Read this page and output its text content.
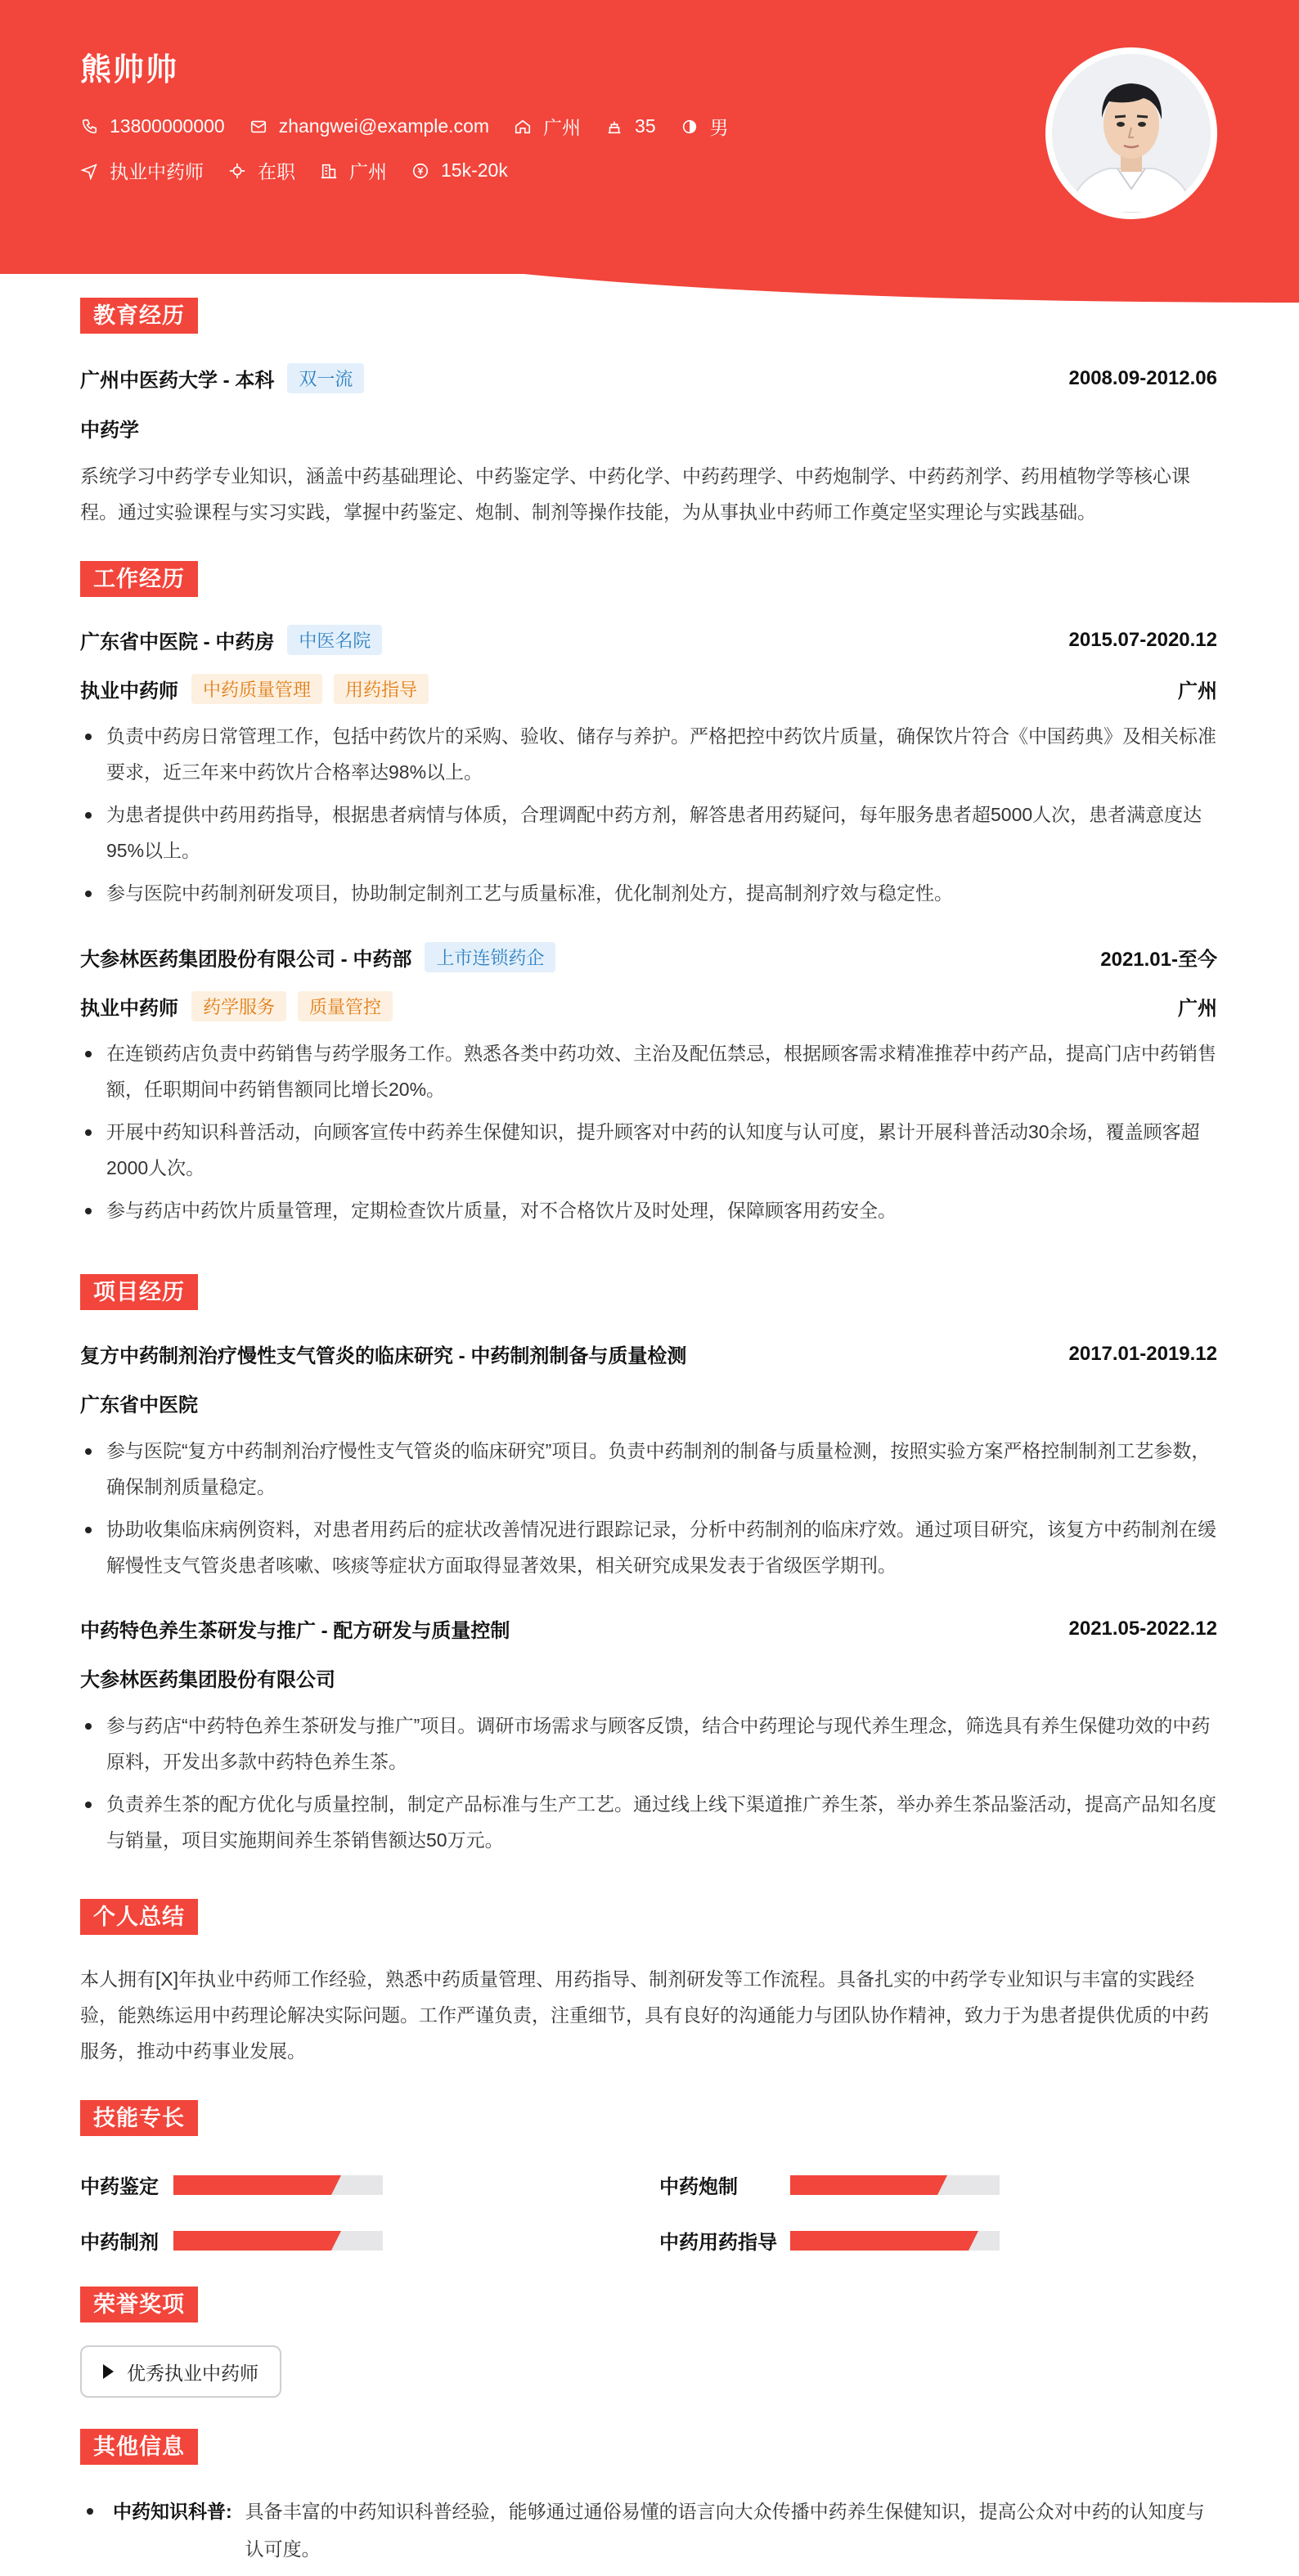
熊帅帅
13800000000	zhangwei@example.com	广州	35	男
执业中药师	在职	广州	15k-20k
教育经历
广州中医药大学 - 本科	双一流	2008.09-2012.06
中药学
系统学习中药学专业知识，涵盖中药基础理论、中药鉴定学、中药化学、中药药理学、中药炮制学、中药药剂学、药用植物学等核心课程。通过实验课程与实习实践，掌握中药鉴定、炮制、制剂等操作技能，为从事执业中药师工作奠定坚实理论与实践基础。
工作经历
广东省中医院 - 中药房	中医名院	2015.07-2020.12
执业中药师	中药质量管理	用药指导	广州
负责中药房日常管理工作，包括中药饮片的采购、验收、储存与养护。严格把控中药饮片质量，确保饮片符合《中国药典》及相关标准要求，近三年来中药饮片合格率达98%以上。
为患者提供中药用药指导，根据患者病情与体质，合理调配中药方剂，解答患者用药疑问，每年服务患者超5000人次，患者满意度达95%以上。
参与医院中药制剂研发项目，协助制定制剂工艺与质量标准，优化制剂处方，提高制剂疗效与稳定性。
大参林医药集团股份有限公司 - 中药部	上市连锁药企	2021.01-至今
执业中药师	药学服务	质量管控	广州
在连锁药店负责中药销售与药学服务工作。熟悉各类中药功效、主治及配伍禁忌，根据顾客需求精准推荐中药产品，提高门店中药销售额，任职期间中药销售额同比增长20%。
开展中药知识科普活动，向顾客宣传中药养生保健知识，提升顾客对中药的认知度与认可度，累计开展科普活动30余场，覆盖顾客超2000人次。
参与药店中药饮片质量管理，定期检查饮片质量，对不合格饮片及时处理，保障顾客用药安全。
项目经历
复方中药制剂治疗慢性支气管炎的临床研究 - 中药制剂制备与质量检测	2017.01-2019.12
广东省中医院
参与医院“复方中药制剂治疗慢性支气管炎的临床研究”项目。负责中药制剂的制备与质量检测，按照实验方案严格控制制剂工艺参数，确保制剂质量稳定。
协助收集临床病例资料，对患者用药后的症状改善情况进行跟踪记录，分析中药制剂的临床疗效。通过项目研究，该复方中药制剂在缓解慢性支气管炎患者咳嗽、咳痰等症状方面取得显著效果，相关研究成果发表于省级医学期刊。
中药特色养生茶研发与推广 - 配方研发与质量控制	2021.05-2022.12
大参林医药集团股份有限公司
参与药店“中药特色养生茶研发与推广”项目。调研市场需求与顾客反馈，结合中药理论与现代养生理念，筛选具有养生保健功效的中药原料，开发出多款中药特色养生茶。
负责养生茶的配方优化与质量控制，制定产品标准与生产工艺。通过线上线下渠道推广养生茶，举办养生茶品鉴活动，提高产品知名度与销量，项目实施期间养生茶销售额达50万元。
个人总结
本人拥有[X]年执业中药师工作经验，熟悉中药质量管理、用药指导、制剂研发等工作流程。具备扎实的中药学专业知识与丰富的实践经验，能熟练运用中药理论解决实际问题。工作严谨负责，注重细节，具有良好的沟通能力与团队协作精神，致力于为患者提供优质的中药服务，推动中药事业发展。
技能专长
中药鉴定	中药炮制
中药制剂	中药用药指导
荣誉奖项
优秀执业中药师
其他信息
中药知识科普: 具备丰富的中药知识科普经验，能够通过通俗易懂的语言向大众传播中药养生保健知识，提高公众对中药的认知度与认可度。
